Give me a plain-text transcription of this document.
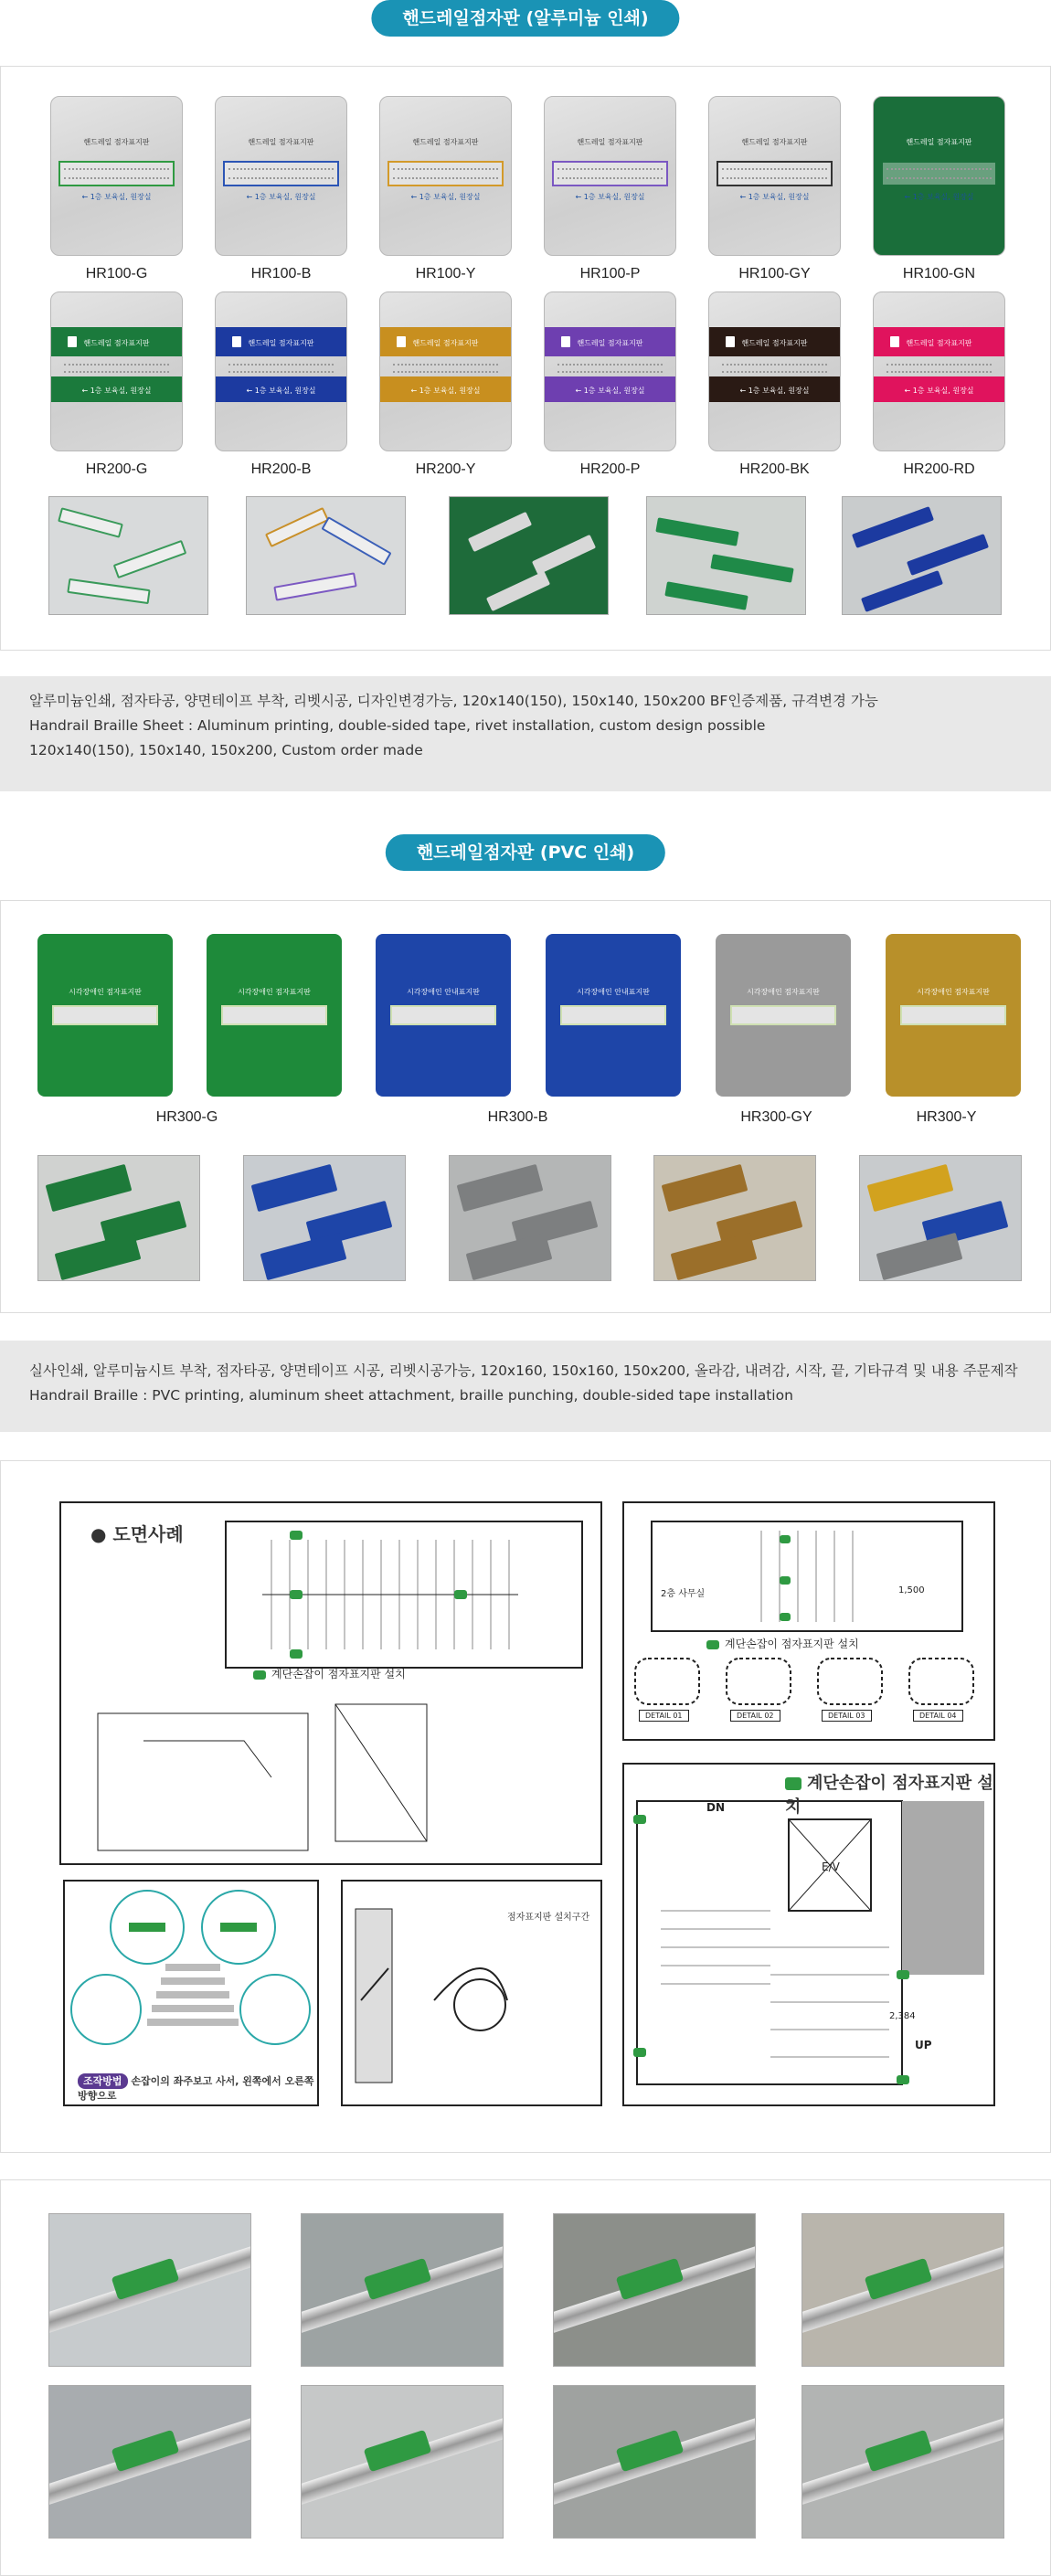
핸드레일점자판 (알루미늄 인쇄)
핸드레일 점자표지판
← 1층 보육실, 원장실
HR100-G
핸드레일 점자표지판
← 1층 보육실, 원장실
HR100-B
핸드레일 점자표지판
← 1층 보육실, 원장실
HR100-Y
핸드레일 점자표지판
← 1층 보육실, 원장실
HR100-P
핸드레일 점자표지판
← 1층 보육실, 원장실
HR100-GY
핸드레일 점자표지판
← 1층 보육실, 원장실
HR100-GN
핸드레일 점자표지판
← 1층 보육실, 원장실
HR200-G
핸드레일 점자표지판
← 1층 보육실, 원장실
HR200-B
핸드레일 점자표지판
← 1층 보육실, 원장실
HR200-Y
핸드레일 점자표지판
← 1층 보육실, 원장실
HR200-P
핸드레일 점자표지판
← 1층 보육실, 원장실
HR200-BK
핸드레일 점자표지판
← 1층 보육실, 원장실
HR200-RD
알루미늄인쇄, 점자타공, 양면테이프 부착, 리벳시공, 디자인변경가능, 120x140(150), 150x140, 150x200 BF인증제품, 규격변경 가능
Handrail Braille Sheet : Aluminum printing, double-sided tape, rivet installation, custom design possible
120x140(150), 150x140, 150x200, Custom order made
핸드레일점자판 (PVC 인쇄)
시각장애인 점자표지판	시각장애인 점자표지판	시각장애인 안내표지판	시각장애인 안내표지판	시각장애인 점자표지판	시각장애인 점자표지판
HR300-G	HR300-B	HR300-GY	HR300-Y
실사인쇄, 알루미늄시트 부착, 점자타공, 양면테이프 시공, 리벳시공가능, 120x160, 150x160, 150x200, 올라감, 내려감, 시작, 끝, 기타규격 및 내용 주문제작
Handrail Braille : PVC printing, aluminum sheet attachment, braille punching, double-sided tape installation
● 도면사례
계단손잡이 점자표지판 설치
2층 사무실	1,500
계단손잡이 점자표지판 설치
DETAIL 01	DETAIL 02	DETAIL 03	DETAIL 04
조작방법 손잡이의 좌주보고 사서, 왼쪽에서 오른쪽 방향으로
점자표지판 설치구간
계단손잡이 점자표지판 설치
DN
UP
E/V
2,384
